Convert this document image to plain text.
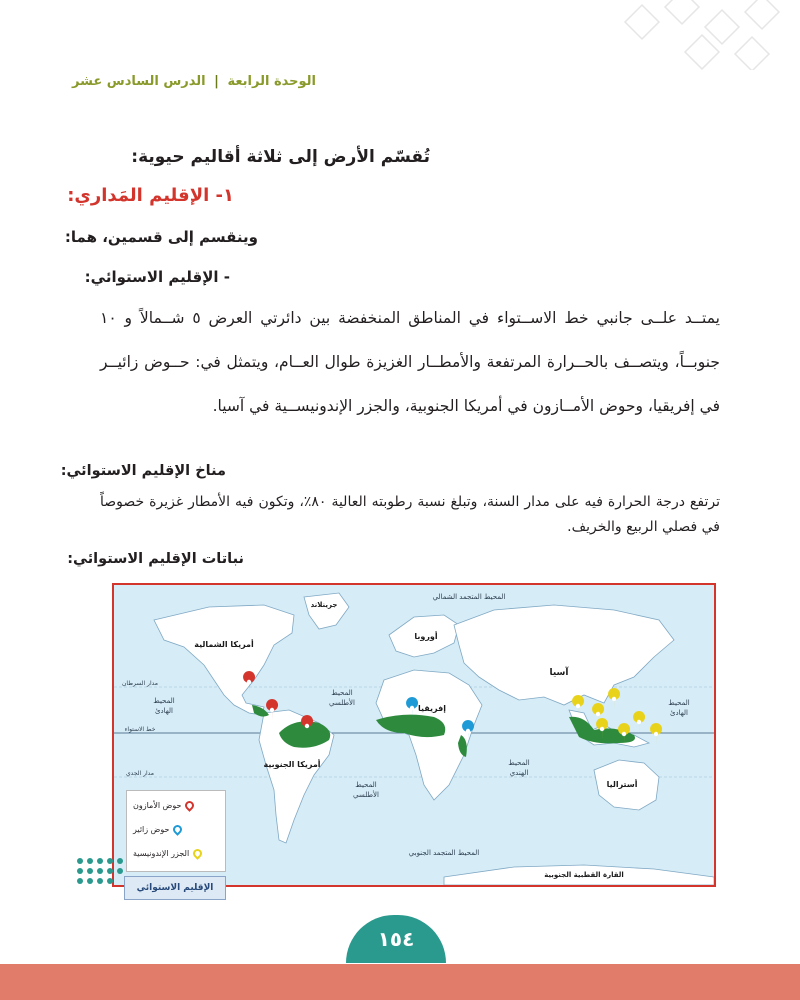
الوحدة الرابعة | الدرس السادس عشر
تُقسّم الأرض إلى ثلاثة أقاليم حيوية:
١- الإقليم المَداري:
وينقسم إلى قسمين، هما:
- الإقليم الاستوائي:
يمتــد علــى جانبي خط الاســتواء في المناطق المنخفضة بين دائرتي العرض ٥ شــمالاً و ١٠ جنوبــاً، ويتصــف بالحــرارة المرتفعة والأمطــار الغزيزة طوال العــام، ويتمثل في: حــوض زائيــر في إفريقيا، وحوض الأمــازون في أمريكا الجنوبية، والجزر الإندونيســية في آسيا.
مناخ الإقليم الاستوائي:
ترتفع درجة الحرارة فيه على مدار السنة، وتبلغ نسبة رطوبته العالية ٨٠٪، وتكون فيه الأمطار غزيرة خصوصاً في فصلي الربيع والخريف.
نباتات الإقليم الاستوائي:
جرينلاند
المحيط المتجمد الشمالي
أمريكا الشمالية
أوروبا
آسيا
إفريقيا
أمريكا الجنوبية
أستراليا
المحيط
الهادئ
المحيط
الهادئ
المحيط
الأطلسي
المحيط
الأطلسي
المحيط
الهندي
المحيط المتجمد الجنوبي
القارة القطبية الجنوبية
مدار السرطان
خط الاستواء
مدار الجدي
حوض الأمازون
حوض زائير
الجزر الإندونيسية
الإقليم الاستوائي
١٥٤
